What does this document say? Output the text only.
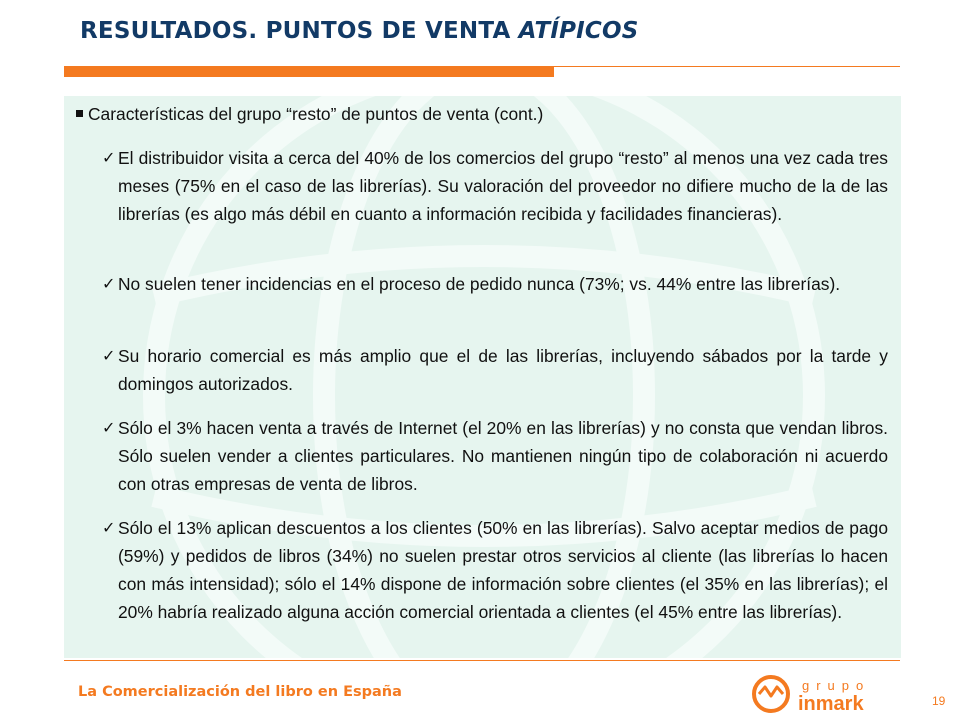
RESULTADOS. PUNTOS DE VENTA ATÍPICOS
Características del grupo “resto” de puntos de venta (cont.)
✓ El distribuidor visita a cerca del 40% de los comercios del grupo “resto” al menos una vez cada tres meses (75% en el caso de las librerías). Su valoración del proveedor no difiere mucho de la de las librerías (es algo más débil en cuanto a información recibida y facilidades financieras).
✓ No suelen tener incidencias en el proceso de pedido nunca (73%; vs. 44% entre las librerías).
✓ Su horario comercial es más amplio que el de las librerías, incluyendo sábados por la tarde y domingos autorizados.
✓ Sólo el 3% hacen venta a través de Internet (el 20% en las librerías) y no consta que vendan libros. Sólo suelen vender a clientes particulares. No mantienen ningún tipo de colaboración ni acuerdo con otras empresas de venta de libros.
✓ Sólo el 13% aplican descuentos a los clientes (50% en las librerías). Salvo aceptar medios de pago (59%) y pedidos de libros (34%) no suelen prestar otros servicios al cliente (las librerías lo hacen con más intensidad); sólo el 14% dispone de información sobre clientes (el 35% en las librerías); el 20% habría realizado alguna acción comercial orientada a clientes (el 45% entre las librerías).
La Comercialización del libro en España	grupo
inmark	19
